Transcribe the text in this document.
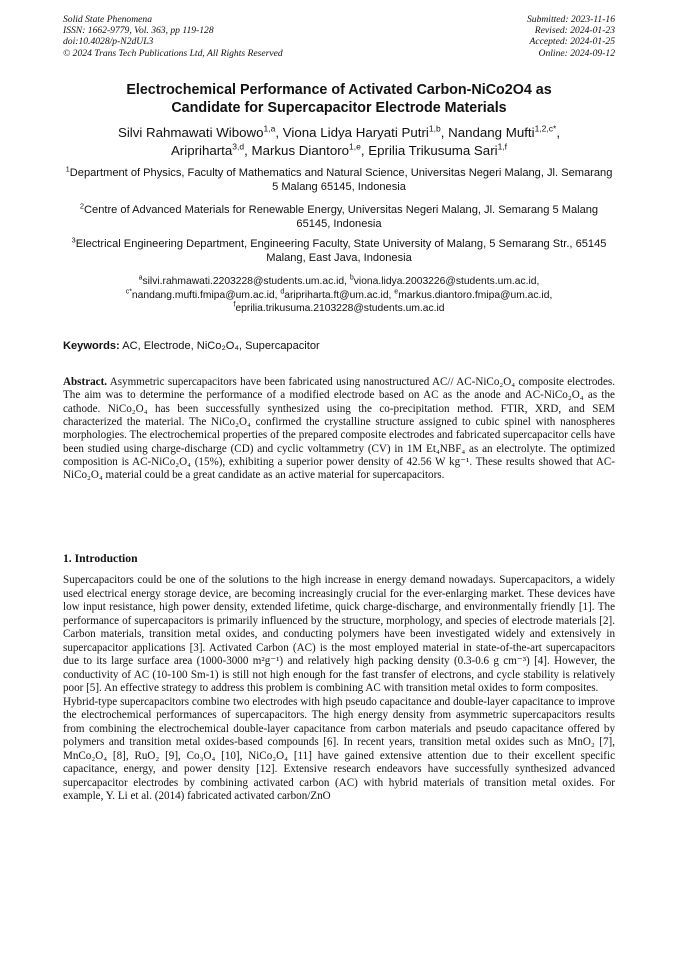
Solid State Phenomena
ISSN: 1662-9779, Vol. 363, pp 119-128
doi:10.4028/p-N2dUL3
© 2024 Trans Tech Publications Ltd, All Rights Reserved
Submitted: 2023-11-16
Revised: 2024-01-23
Accepted: 2024-01-25
Online: 2024-09-12
Electrochemical Performance of Activated Carbon-NiCo2O4 as
Candidate for Supercapacitor Electrode Materials
Silvi Rahmawati Wibowo$^{1,a}$, Viona Lidya Haryati Putri$^{1,b}$, Nandang Mufti$^{1,2,c*}$,
Aripriharta$^{3,d}$, Markus Diantoro$^{1,e}$, Eprilia Trikusuma Sari$^{1,f}$
$^1$Department of Physics, Faculty of Mathematics and Natural Science, Universitas Negeri Malang, Jl. Semarang 5 Malang 65145, Indonesia
$^2$Centre of Advanced Materials for Renewable Energy, Universitas Negeri Malang, Jl. Semarang 5 Malang 65145, Indonesia
$^3$Electrical Engineering Department, Engineering Faculty, State University of Malang, 5 Semarang Str., 65145 Malang, East Java, Indonesia
$^a$silvi.rahmawati.2203228@students.um.ac.id, $^b$viona.lidya.2003226@students.um.ac.id,
$^{c*}$nandang.mufti.fmipa@um.ac.id, $^d$aripriharta.ft@um.ac.id, $^e$markus.diantoro.fmipa@um.ac.id,
$^f$eprilia.trikusuma.2103228@students.um.ac.id
Keywords: AC, Electrode, NiCo₂O₄, Supercapacitor
Abstract. Asymmetric supercapacitors have been fabricated using nanostructured AC// AC-NiCo₂O₄ composite electrodes. The aim was to determine the performance of a modified electrode based on AC as the anode and AC-NiCo₂O₄ as the cathode. NiCo₂O₄ has been successfully synthesized using the co-precipitation method. FTIR, XRD, and SEM characterized the material. The NiCo₂O₄ confirmed the crystalline structure assigned to cubic spinel with nanospheres morphologies. The electrochemical properties of the prepared composite electrodes and fabricated supercapacitor cells have been studied using charge-discharge (CD) and cyclic voltammetry (CV) in 1M Et₄NBF₄ as an electrolyte. The optimized composition is AC-NiCo₂O₄ (15%), exhibiting a superior power density of 42.56 W kg⁻¹. These results showed that AC-NiCo₂O₄ material could be a great candidate as an active material for supercapacitors.
1. Introduction

Supercapacitors could be one of the solutions to the high increase in energy demand nowadays. Supercapacitors, a widely used electrical energy storage device, are becoming increasingly crucial for the ever-enlarging market. These devices have low input resistance, high power density, extended lifetime, quick charge-discharge, and environmentally friendly [1]. The performance of supercapacitors is primarily influenced by the structure, morphology, and species of electrode materials [2]. Carbon materials, transition metal oxides, and conducting polymers have been investigated widely and extensively in supercapacitor applications [3]. Activated Carbon (AC) is the most employed material in state-of-the-art supercapacitors due to its large surface area (1000-3000 m²g⁻¹) and relatively high packing density (0.3-0.6 g cm⁻³) [4]. However, the conductivity of AC (10-100 Sm-1) is still not high enough for the fast transfer of electrons, and cycle stability is relatively poor [5]. An effective strategy to address this problem is combining AC with transition metal oxides to form composites.

Hybrid-type supercapacitors combine two electrodes with high pseudo capacitance and double-layer capacitance to improve the electrochemical performances of supercapacitors. The high energy density from asymmetric supercapacitors results from combining the electrochemical double-layer capacitance from carbon materials and pseudo capacitance offered by polymers and transition metal oxides-based compounds [6]. In recent years, transition metal oxides such as MnO₂ [7], MnCo₂O₄ [8], RuO₂ [9], Co₃O₄ [10], NiCo₂O₄ [11] have gained extensive attention due to their excellent specific capacitance, energy, and power density [12]. Extensive research endeavors have successfully synthesized advanced supercapacitor electrodes by combining activated carbon (AC) with hybrid materials of transition metal oxides. For example, Y. Li et al. (2014) fabricated activated carbon/ZnO
